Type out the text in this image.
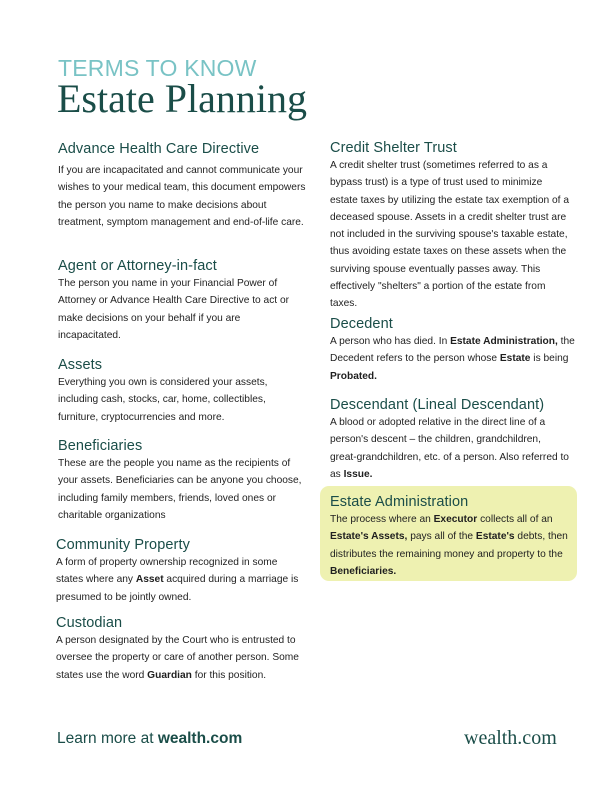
TERMS TO KNOW
Estate Planning
Advance Health Care Directive

If you are incapacitated and cannot communicate your wishes to your medical team, this document empowers the person you name to make decisions about treatment, symptom management and end-of-life care.

Agent or Attorney-in-fact

The person you name in your Financial Power of Attorney or Advance Health Care Directive to act or make decisions on your behalf if you are incapacitated.

Assets

Everything you own is considered your assets, including cash, stocks, car, home, collectibles, furniture, cryptocurrencies and more.

Beneficiaries

These are the people you name as the recipients of your assets. Beneficiaries can be anyone you choose, including family members, friends, loved ones or charitable organizations

Community Property

A form of property ownership recognized in some states where any Asset acquired during a marriage is presumed to be jointly owned.

Custodian

A person designated by the Court who is entrusted to oversee the property or care of another person. Some states use the word Guardian for this position.

Credit Shelter Trust

A credit shelter trust (sometimes referred to as a bypass trust) is a type of trust used to minimize estate taxes by utilizing the estate tax exemption of a deceased spouse. Assets in a credit shelter trust are not included in the surviving spouse's taxable estate, thus avoiding estate taxes on these assets when the surviving spouse eventually passes away. This effectively "shelters" a portion of the estate from taxes.

Decedent

A person who has died. In Estate Administration, the Decedent refers to the person whose Estate is being Probated.

Descendant (Lineal Descendant)

A blood or adopted relative in the direct line of a person's descent – the children, grandchildren, great-grandchildren, etc. of a person. Also referred to as Issue.

Estate Administration

The process where an Executor collects all of an Estate's Assets, pays all of the Estate's debts, then distributes the remaining money and property to the Beneficiaries.

Learn more at wealth.com	wealth.com
